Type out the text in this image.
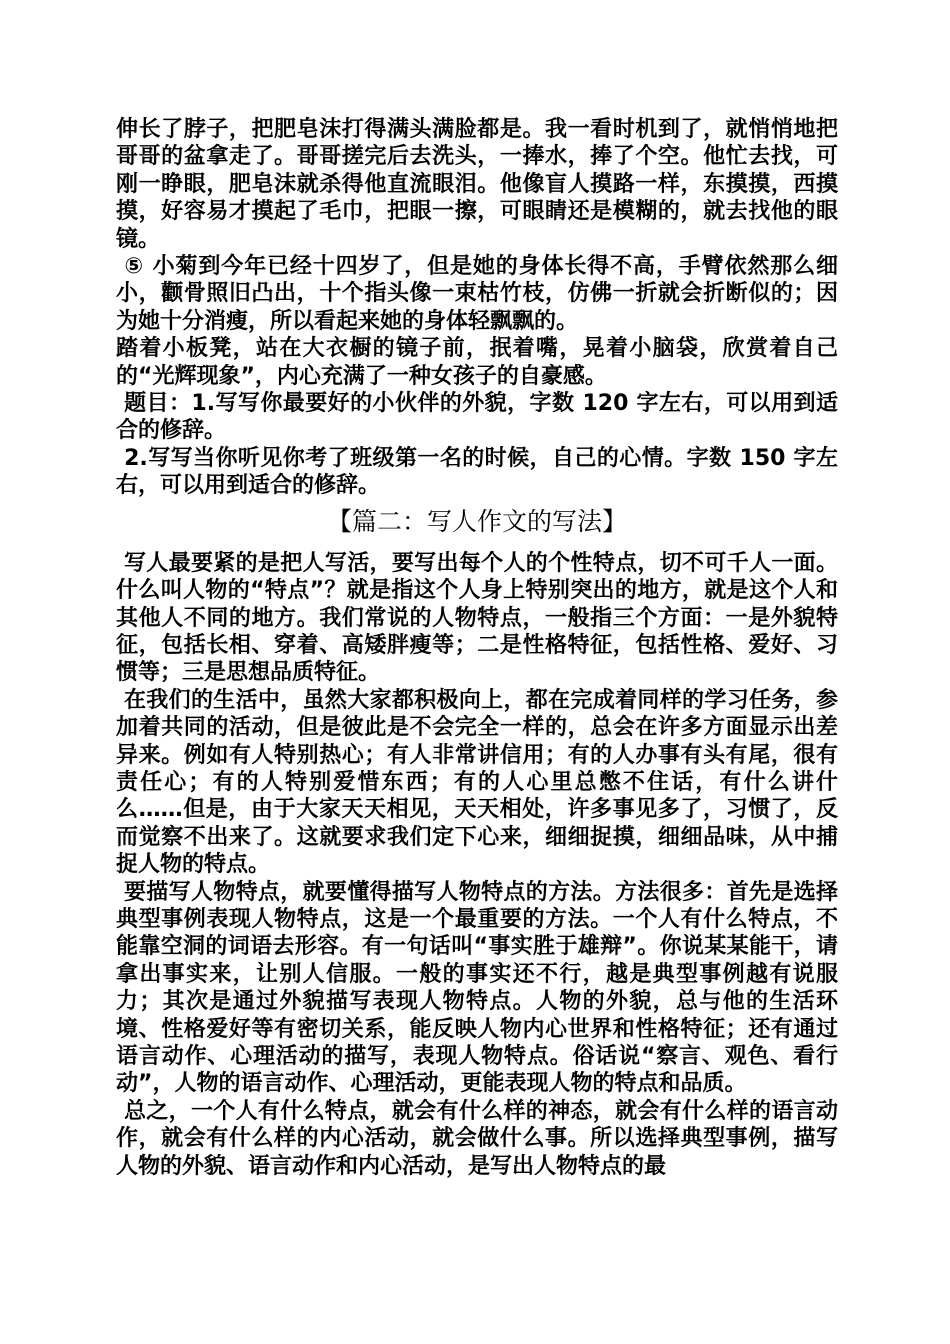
伸长了脖子，把肥皂沫打得满头满脸都是。我一看时机到了，就悄悄地把哥哥的盆拿走了。哥哥搓完后去洗头，一捧水，捧了个空。他忙去找，可刚一睁眼，肥皂沫就杀得他直流眼泪。他像盲人摸路一样，东摸摸，西摸摸，好容易才摸起了毛巾，把眼一擦，可眼睛还是模糊的，就去找他的眼镜。

⑤ 小菊到今年已经十四岁了，但是她的身体长得不高，手臂依然那么细小，颧骨照旧凸出，十个指头像一束枯竹枝，仿佛一折就会折断似的；因为她十分消瘦，所以看起来她的身体轻飘飘的。

踏着小板凳，站在大衣橱的镜子前，抿着嘴，晃着小脑袋，欣赏着自己的“光辉现象”，内心充满了一种女孩子的自豪感。

题目：1.写写你最要好的小伙伴的外貌，字数 120 字左右，可以用到适合的修辞。

2.写写当你听见你考了班级第一名的时候，自己的心情。字数 150 字左右，可以用到适合的修辞。

【篇二：写人作文的写法】

写人最要紧的是把人写活，要写出每个人的个性特点，切不可千人一面。 什么叫人物的“特点”？就是指这个人身上特别突出的地方，就是这个人和其他人不同的地方。我们常说的人物特点，一般指三个方面：一是外貌特征，包括长相、穿着、高矮胖瘦等；二是性格特征，包括性格、爱好、习惯等；三是思想品质特征。

在我们的生活中，虽然大家都积极向上，都在完成着同样的学习任务，参加着共同的活动，但是彼此是不会完全一样的，总会在许多方面显示出差异来。例如有人特别热心；有人非常讲信用；有的人办事有头有尾，很有责任心；有的人特别爱惜东西；有的人心里总憋不住话，有什么讲什么……但是，由于大家天天相见，天天相处，许多事见多了，习惯了，反而觉察不出来了。这就要求我们定下心来，细细捉摸，细细品味，从中捕捉人物的特点。

要描写人物特点，就要懂得描写人物特点的方法。方法很多：首先是选择典型事例表现人物特点，这是一个最重要的方法。一个人有什么特点，不能靠空洞的词语去形容。有一句话叫“事实胜于雄辩”。你说某某能干，请拿出事实来，让别人信服。一般的事实还不行，越是典型事例越有说服力；其次是通过外貌描写表现人物特点。人物的外貌，总与他的生活环境、性格爱好等有密切关系，能反映人物内心世界和性格特征；还有通过语言动作、心理活动的描写，表现人物特点。俗话说“察言、观色、看行动”，人物的语言动作、心理活动，更能表现人物的特点和品质。

总之，一个人有什么特点，就会有什么样的神态，就会有什么样的语言动作，就会有什么样的内心活动，就会做什么事。所以选择典型事例，描写人物的外貌、语言动作和内心活动，是写出人物特点的最
